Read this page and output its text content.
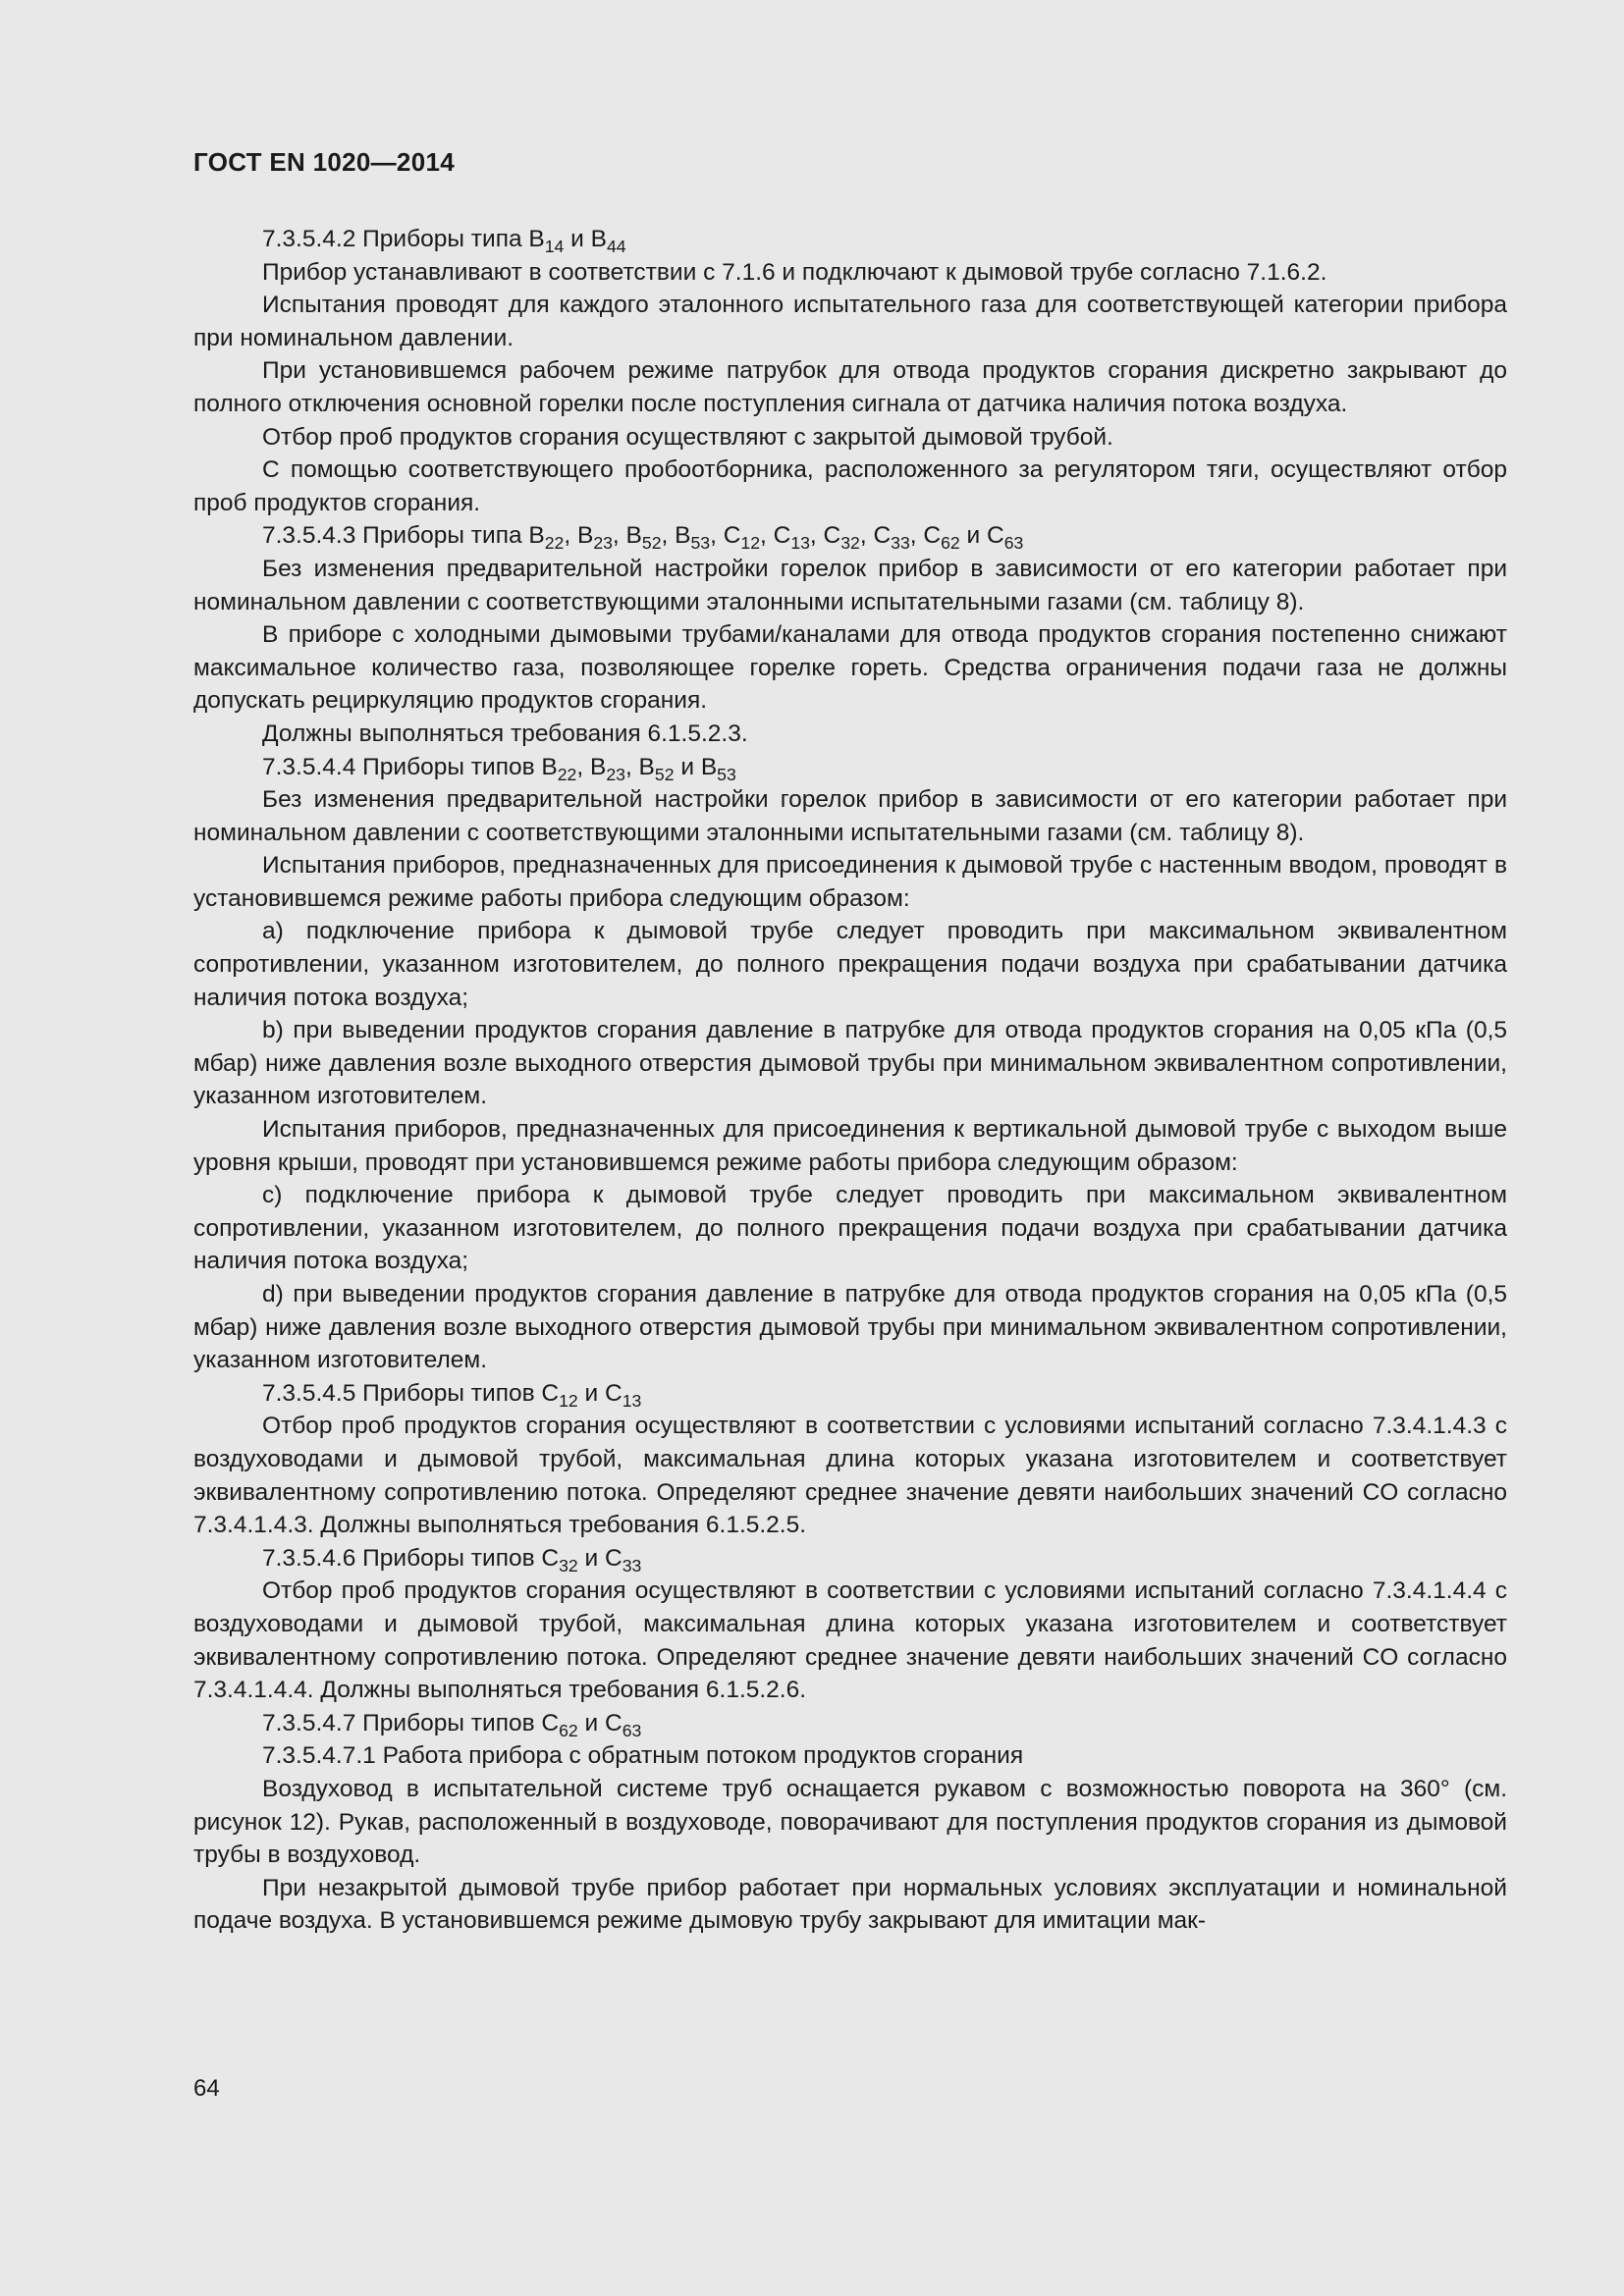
ГОСТ EN 1020—2014

7.3.5.4.2 Приборы типа $B_{14}$ и $B_{44}$

Прибор устанавливают в соответствии с 7.1.6 и подключают к дымовой трубе согласно 7.1.6.2.

Испытания проводят для каждого эталонного испытательного газа для соответствующей категории прибора при номинальном давлении.

При установившемся рабочем режиме патрубок для отвода продуктов сгорания дискретно закрывают до полного отключения основной горелки после поступления сигнала от датчика наличия потока воздуха.

Отбор проб продуктов сгорания осуществляют с закрытой дымовой трубой.

С помощью соответствующего пробоотборника, расположенного за регулятором тяги, осуществляют отбор проб продуктов сгорания.

7.3.5.4.3 Приборы типа $B_{22}$, $B_{23}$, $B_{52}$, $B_{53}$, $C_{12}$, $C_{13}$, $C_{32}$, $C_{33}$, $C_{62}$ и $C_{63}$

Без изменения предварительной настройки горелок прибор в зависимости от его категории работает при номинальном давлении с соответствующими эталонными испытательными газами (см. таблицу 8).

В приборе с холодными дымовыми трубами/каналами для отвода продуктов сгорания постепенно снижают максимальное количество газа, позволяющее горелке гореть. Средства ограничения подачи газа не должны допускать рециркуляцию продуктов сгорания.

Должны выполняться требования 6.1.5.2.3.

7.3.5.4.4 Приборы типов $B_{22}$, $B_{23}$, $B_{52}$ и $B_{53}$

Без изменения предварительной настройки горелок прибор в зависимости от его категории работает при номинальном давлении с соответствующими эталонными испытательными газами (см. таблицу 8).

Испытания приборов, предназначенных для присоединения к дымовой трубе с настенным вводом, проводят в установившемся режиме работы прибора следующим образом:

a) подключение прибора к дымовой трубе следует проводить при максимальном эквивалентном сопротивлении, указанном изготовителем, до полного прекращения подачи воздуха при срабатывании датчика наличия потока воздуха;

b) при выведении продуктов сгорания давление в патрубке для отвода продуктов сгорания на 0,05 кПа (0,5 мбар) ниже давления возле выходного отверстия дымовой трубы при минимальном эквивалентном сопротивлении, указанном изготовителем.

Испытания приборов, предназначенных для присоединения к вертикальной дымовой трубе с выходом выше уровня крыши, проводят при установившемся режиме работы прибора следующим образом:

c) подключение прибора к дымовой трубе следует проводить при максимальном эквивалентном сопротивлении, указанном изготовителем, до полного прекращения подачи воздуха при срабатывании датчика наличия потока воздуха;

d) при выведении продуктов сгорания давление в патрубке для отвода продуктов сгорания на 0,05 кПа (0,5 мбар) ниже давления возле выходного отверстия дымовой трубы при минимальном эквивалентном сопротивлении, указанном изготовителем.

7.3.5.4.5 Приборы типов $C_{12}$ и $C_{13}$

Отбор проб продуктов сгорания осуществляют в соответствии с условиями испытаний согласно 7.3.4.1.4.3 с воздуховодами и дымовой трубой, максимальная длина которых указана изготовителем и соответствует эквивалентному сопротивлению потока. Определяют среднее значение девяти наибольших значений CO согласно 7.3.4.1.4.3. Должны выполняться требования 6.1.5.2.5.

7.3.5.4.6 Приборы типов $C_{32}$ и $C_{33}$

Отбор проб продуктов сгорания осуществляют в соответствии с условиями испытаний согласно 7.3.4.1.4.4 с воздуховодами и дымовой трубой, максимальная длина которых указана изготовителем и соответствует эквивалентному сопротивлению потока. Определяют среднее значение девяти наибольших значений CO согласно 7.3.4.1.4.4. Должны выполняться требования 6.1.5.2.6.

7.3.5.4.7 Приборы типов $C_{62}$ и $C_{63}$

7.3.5.4.7.1 Работа прибора с обратным потоком продуктов сгорания

Воздуховод в испытательной системе труб оснащается рукавом с возможностью поворота на 360° (см. рисунок 12). Рукав, расположенный в воздуховоде, поворачивают для поступления продуктов сгорания из дымовой трубы в воздуховод.

При незакрытой дымовой трубе прибор работает при нормальных условиях эксплуатации и номинальной подаче воздуха. В установившемся режиме дымовую трубу закрывают для имитации мак-

64
